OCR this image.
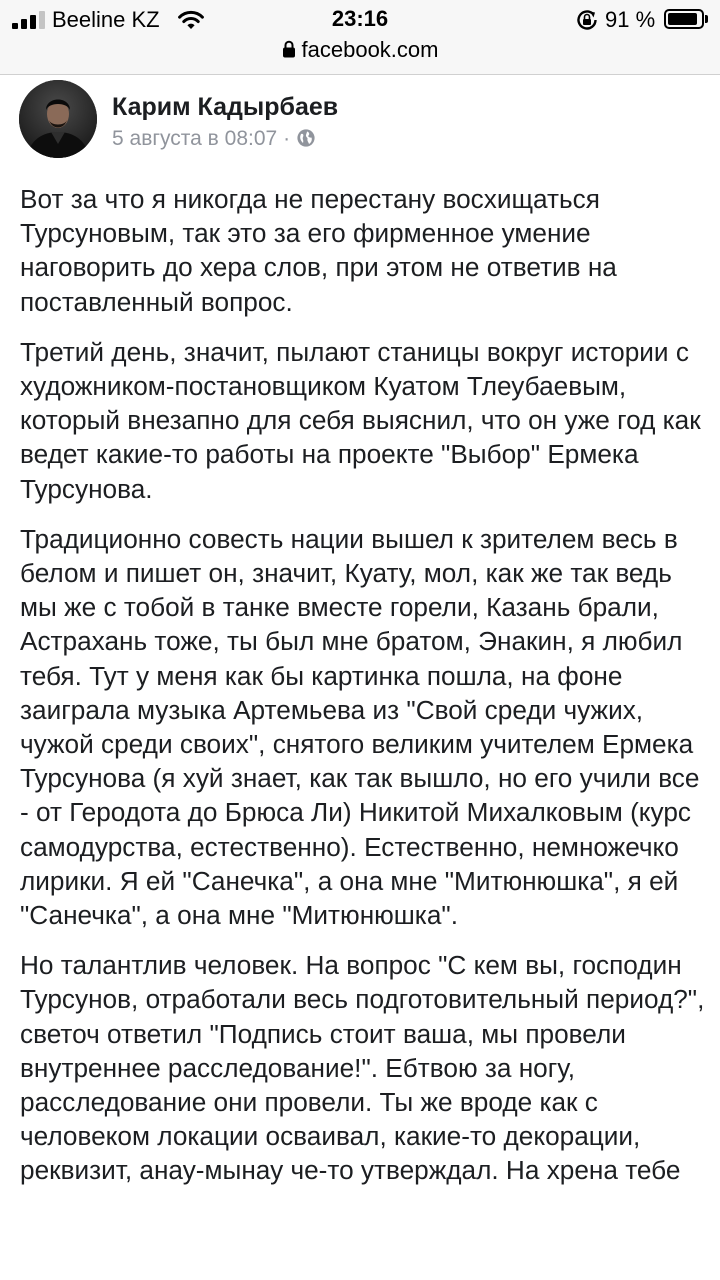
Beeline KZ	23:16	91 %
facebook.com
Карим Кадырбаев
5 августа в 08:07 ·

Вот за что я никогда не перестану восхищаться Турсуновым, так это за его фирменное умение наговорить до хера слов, при этом не ответив на поставленный вопрос.

Третий день, значит, пылают станицы вокруг истории с художником-постановщиком Куатом Тлеубаевым, который внезапно для себя выяснил, что он уже год как ведет какие-то работы на проекте "Выбор" Ермека Турсунова.

Традиционно совесть нации вышел к зрителем весь в белом и пишет он, значит, Куату, мол, как же так ведь мы же с тобой в танке вместе горели, Казань брали, Астрахань тоже, ты был мне братом, Энакин, я любил тебя. Тут у меня как бы картинка пошла, на фоне заиграла музыка Артемьева из "Свой среди чужих, чужой среди своих", снятого великим учителем Ермека Турсунова (я хуй знает, как так вышло, но его учили все - от Геродота до Брюса Ли) Никитой Михалковым (курс самодурства, естественно). Естественно, немножечко лирики. Я ей "Санечка", а она мне "Митюнюшка", я ей "Санечка", а она мне "Митюнюшка".

Но талантлив человек. На вопрос "С кем вы, господин Турсунов, отработали весь подготовительный период?", светоч ответил "Подпись стоит ваша, мы провели внутреннее расследование!". Ебтвою за ногу, расследование они провели. Ты же вроде как с человеком локации осваивал, какие-то декорации, реквизит, анау-мынау че-то утверждал. На хрена тебе
